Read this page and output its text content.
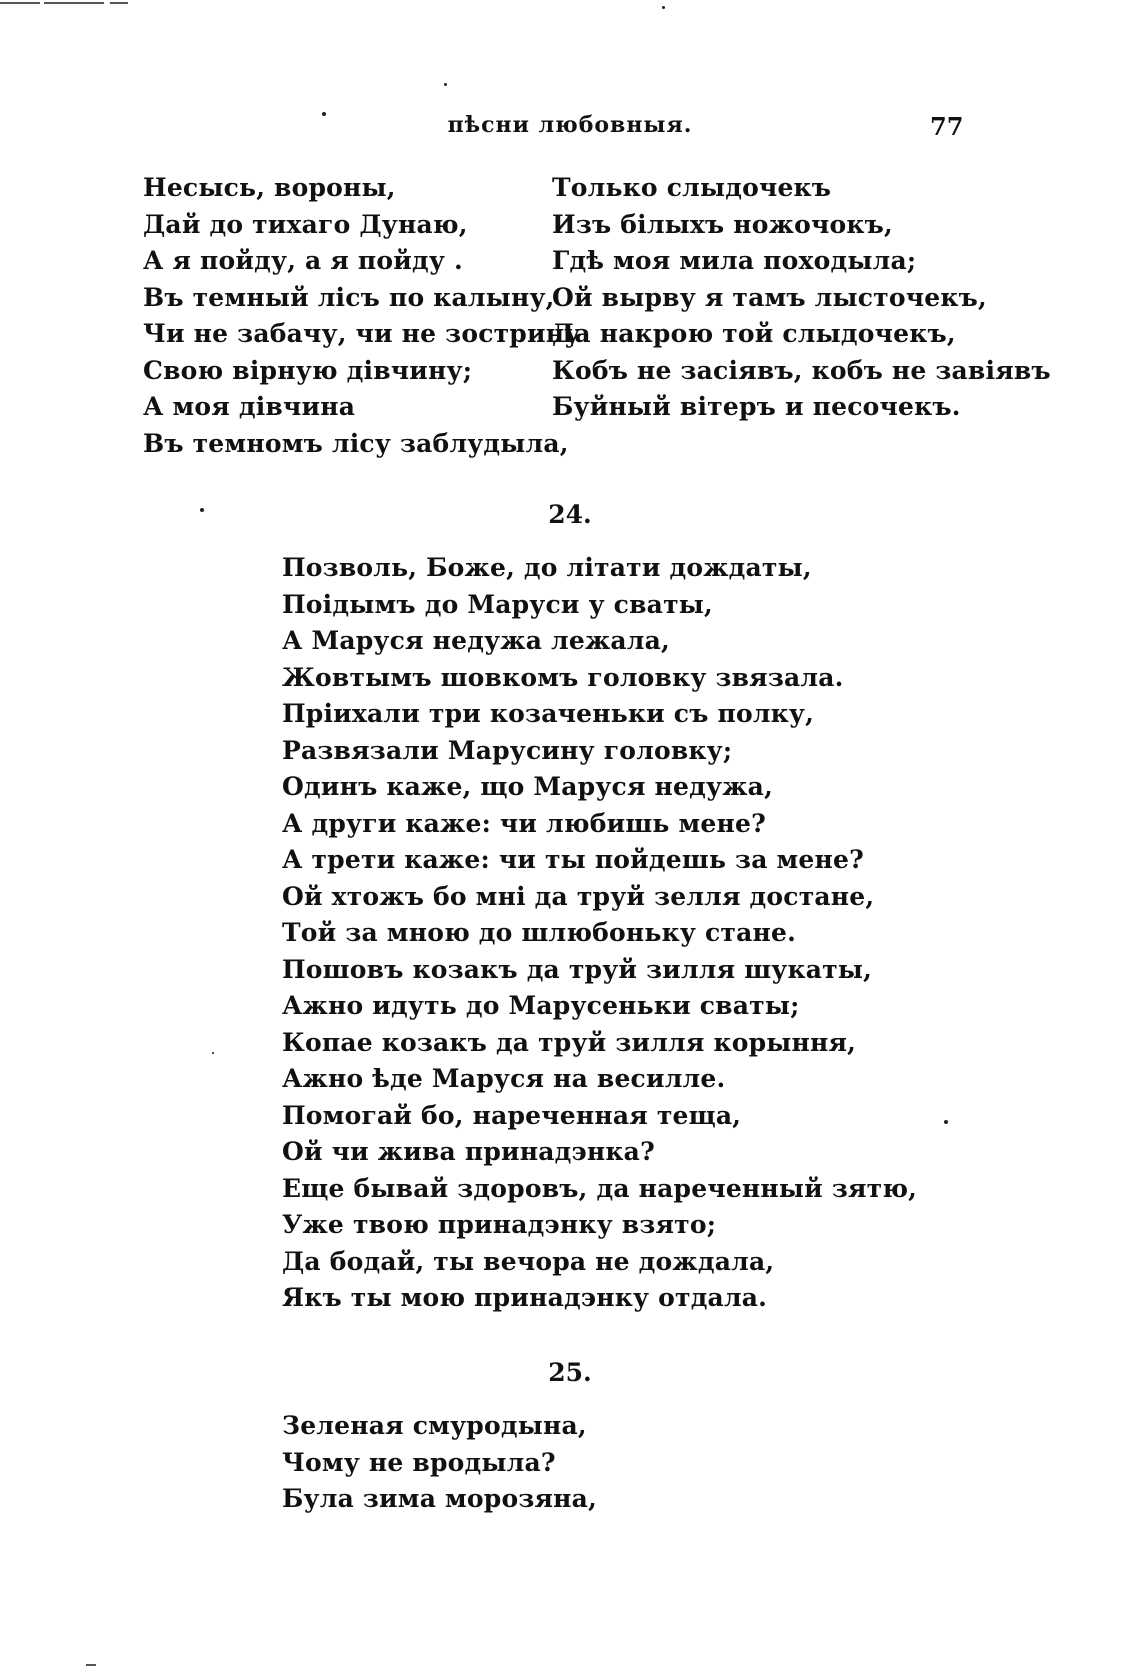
пѣсни любовныя.	77
Несысь, вороны,
Дай до тихаго Дунаю,
А я пойду, а я пойду .
Въ темный лісъ по калыну,
Чи не забачу, чи не зострину
Свою вірную дівчину;
А моя дівчина
Въ темномъ лісу заблудыла,
Только слыдочекъ
Изъ білыхъ ножочокъ,
Гдѣ моя мила походыла;
Ой вырву я тамъ лысточекъ,
Да накрою той слыдочекъ,
Кобъ не засіявъ, кобъ не завіявъ
Буйный вітеръ и песочекъ.
24.
Позволь, Боже, до літати дождаты,
Поідымъ до Маруси у сваты,
А Маруся недужа лежала,
Жовтымъ шовкомъ головку звязала.
Пріихали три козаченьки съ полку,
Развязали Марусину головку;
Одинъ каже, що Маруся недужа,
А други каже: чи любишь мене?
А трети каже: чи ты пойдешь за мене?
Ой хтожъ бо мні да труй зелля достане,
Той за мною до шлюбоньку стане.
Пошовъ козакъ да труй зилля шукаты,
Ажно идуть до Марусеньки сваты;
Копае козакъ да труй зилля корыння,
Ажно ѣде Маруся на весилле.
Помогай бо, нареченная теща,
Ой чи жива принадэнка?
Еще бывай здоровъ, да нареченный зятю,
Уже твою принадэнку взято;
Да бодай, ты вечора не дождала,
Якъ ты мою принадэнку отдала.
25.
Зеленая смуродына,
Чому не вродыла?
Була зима морозяна,
